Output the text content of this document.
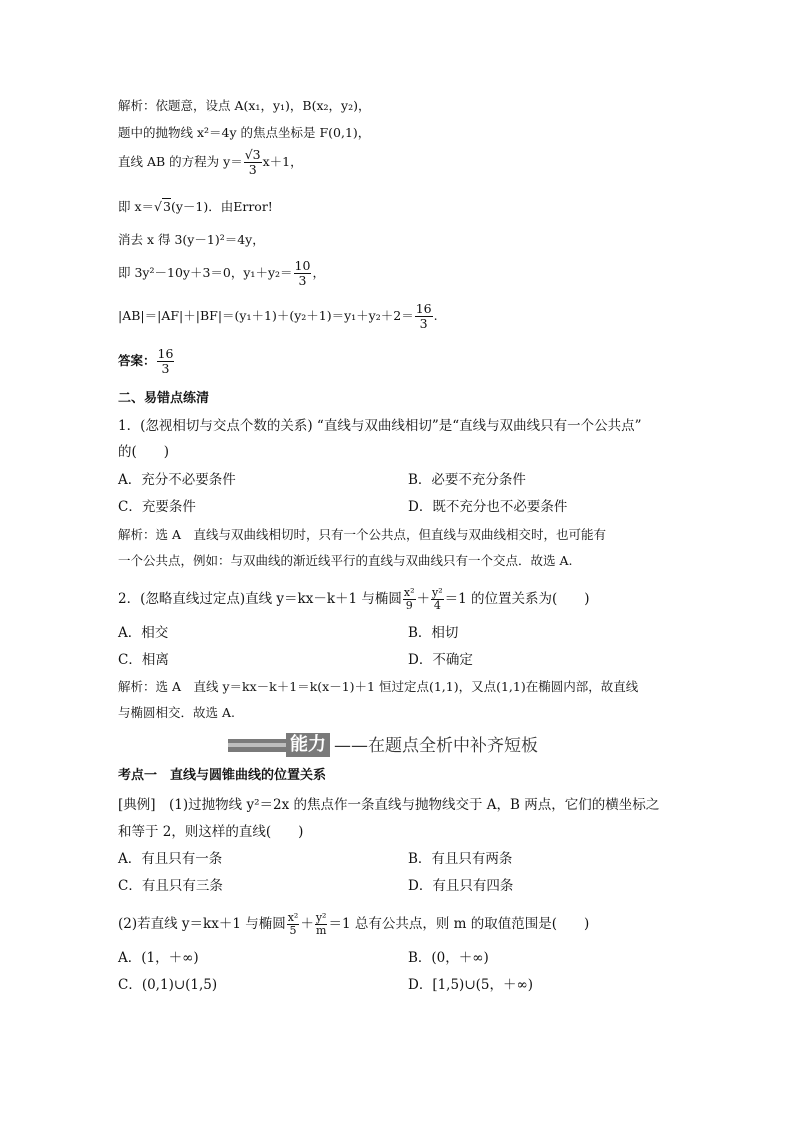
解析：依题意，设点 A(x₁，y₁)，B(x₂，y₂)，
题中的抛物线 x²＝4y 的焦点坐标是 F(0,1)，
直线 AB 的方程为 $y= \frac{√3}{3} x+1$，
即 x＝√3(y－1)．由Error!
消去 x 得 3(y－1)²＝4y，
即 3y²－10y＋3＝0，$y_1+y_2= \frac{10}{3}$ ，
$|AB|=|AF|+|BF|=(y_1+1)+(y_2+1)=y_1+y_2+2= \frac{16}{3}$ .
答案： $\frac{16}{3}$
二、易错点练清
1．(忽视相切与交点个数的关系) “直线与双曲线相切”是“直线与双曲线只有一个公共点”
的(　　)
A．充分不必要条件	B．必要不充分条件
C．充要条件	D．既不充分也不必要条件
解析：选 A　直线与双曲线相切时，只有一个公共点，但直线与双曲线相交时，也可能有
一个公共点，例如：与双曲线的渐近线平行的直线与双曲线只有一个交点．故选 A.
2．(忽略直线过定点)直线 y＝kx－k＋1 与椭圆 $\frac{\text{x²}}{9} + \frac{\text{y²}}{4} =1$ 的位置关系为(　　)
A．相交	B．相切
C．相离	D．不确定
解析：选 A　直线 y＝kx－k＋1＝k(x－1)＋1 恒过定点(1,1)，又点(1,1)在椭圆内部，故直线
与椭圆相交．故选 A.
能力 ——在题点全析中补齐短板
考点一　直线与圆锥曲线的位置关系
[典例]　(1)过抛物线 y²＝2x 的焦点作一条直线与抛物线交于 A，B 两点，它们的横坐标之
和等于 2，则这样的直线(　　)
A．有且只有一条	B．有且只有两条
C．有且只有三条	D．有且只有四条
(2)若直线 y＝kx＋1 与椭圆 $\frac{\text{x²}}{5} + \frac{\text{y²}}{m} =1$ 总有公共点，则 m 的取值范围是(　　)
A．(1，＋∞)	B．(0，＋∞)
C．(0,1)∪(1,5)	D．[1,5)∪(5，＋∞)
